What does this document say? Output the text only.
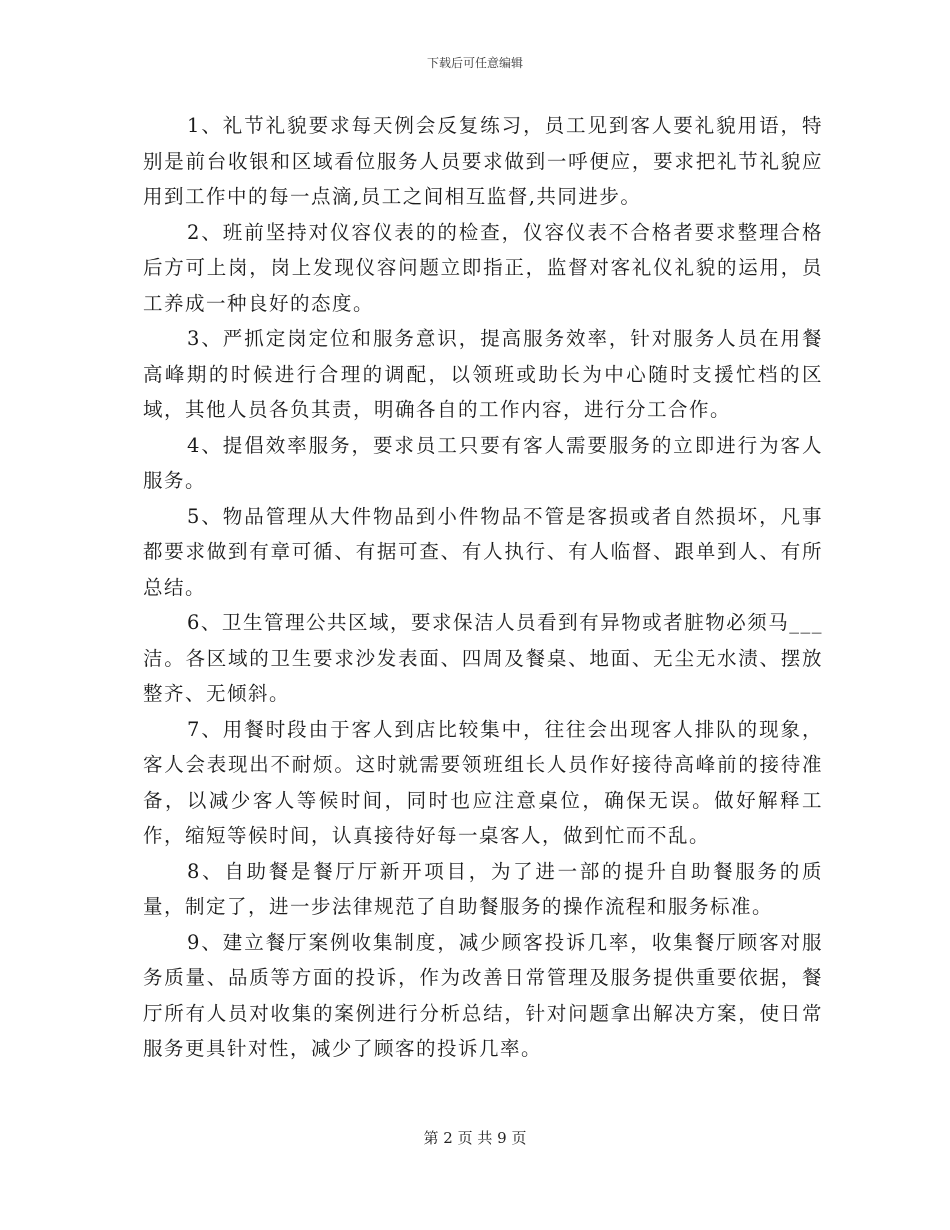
下载后可任意编辑

1、礼节礼貌要求每天例会反复练习，员工见到客人要礼貌用语，特别是前台收银和区域看位服务人员要求做到一呼便应，要求把礼节礼貌应用到工作中的每一点滴,员工之间相互监督,共同进步。

2、班前坚持对仪容仪表的的检查，仪容仪表不合格者要求整理合格后方可上岗，岗上发现仪容问题立即指正，监督对客礼仪礼貌的运用，员工养成一种良好的态度。

3、严抓定岗定位和服务意识，提高服务效率，针对服务人员在用餐高峰期的时候进行合理的调配，以领班或助长为中心随时支援忙档的区域，其他人员各负其责，明确各自的工作内容，进行分工合作。

4、提倡效率服务，要求员工只要有客人需要服务的立即进行为客人服务。

5、物品管理从大件物品到小件物品不管是客损或者自然损坏，凡事都要求做到有章可循、有据可查、有人执行、有人临督、跟单到人、有所总结。

6、卫生管理公共区域，要求保洁人员看到有异物或者脏物必须马___洁。各区域的卫生要求沙发表面、四周及餐桌、地面、无尘无水渍、摆放整齐、无倾斜。

7、用餐时段由于客人到店比较集中，往往会出现客人排队的现象，客人会表现出不耐烦。这时就需要领班组长人员作好接待高峰前的接待准备，以减少客人等候时间，同时也应注意桌位，确保无误。做好解释工作，缩短等候时间，认真接待好每一桌客人，做到忙而不乱。

8、自助餐是餐厅厅新开项目，为了进一部的提升自助餐服务的质量，制定了，进一步法律规范了自助餐服务的操作流程和服务标准。

9、建立餐厅案例收集制度，减少顾客投诉几率，收集餐厅顾客对服务质量、品质等方面的投诉，作为改善日常管理及服务提供重要依据，餐厅所有人员对收集的案例进行分析总结，针对问题拿出解决方案，使日常服务更具针对性，减少了顾客的投诉几率。

第 2 页 共 9 页
